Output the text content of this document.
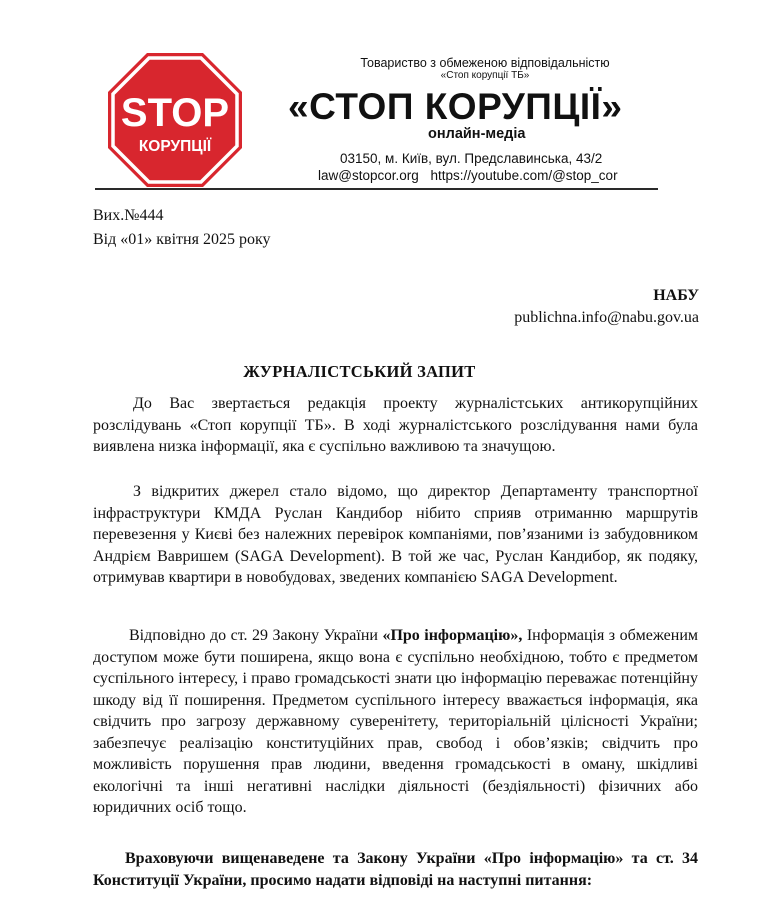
STOP
КОРУПЦІЇ
Товариство з обмеженою відповідальністю
«Стоп корупції ТБ»
«СТОП КОРУПЦІЇ»
онлайн-медіа
03150, м. Київ, вул. Предславинська, 43/2
law@stopcor.org https://youtube.com/@stop_cor
Вих.№444
Від «01» квітня 2025 року
НАБУ
publichna.info@nabu.gov.ua
ЖУРНАЛІСТСЬКИЙ ЗАПИТ

До Вас звертається редакція проекту журналістських антикорупційних розслідувань «Стоп корупції ТБ». В ході журналістського розслідування нами була виявлена низка інформації, яка є суспільно важливою та значущою.

З відкритих джерел стало відомо, що директор Департаменту транспортної інфраструктури КМДА Руслан Кандибор нібито сприяв отриманню маршрутів перевезення у Києві без належних перевірок компаніями, пов’язаними із забудовником Андрієм Вавришем (SAGA Development). В той же час, Руслан Кандибор, як подяку, отримував квартири в новобудовах, зведених компанією SAGA Development.

Відповідно до ст. 29 Закону України «Про інформацію», Інформація з обмеженим доступом може бути поширена, якщо вона є суспільно необхідною, тобто є предметом суспільного інтересу, і право громадськості знати цю інформацію переважає потенційну шкоду від її поширення. Предметом суспільного інтересу вважається інформація, яка свідчить про загрозу державному суверенітету, територіальній цілісності України; забезпечує реалізацію конституційних прав, свобод і обов’язків; свідчить про можливість порушення прав людини, введення громадськості в оману, шкідливі екологічні та інші негативні наслідки діяльності (бездіяльності) фізичних або юридичних осіб тощо.

Враховуючи вищенаведене та Закону України «Про інформацію» та ст. 34 Конституції України, просимо надати відповіді на наступні питання:
